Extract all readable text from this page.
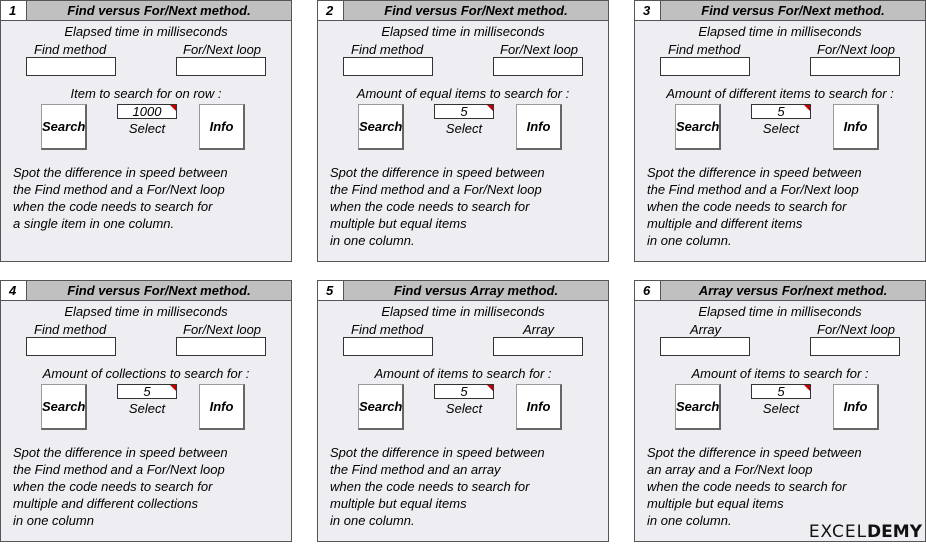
1	Find versus For/Next method.
Elapsed time in milliseconds
Find method	For/Next loop
Item to search for on row :
Search
1000
Select	Info
Spot the difference in speed between
the Find method and a For/Next loop
when the code needs to search for
a single item in one column.
2	Find versus For/Next method.
Elapsed time in milliseconds
Find method	For/Next loop
Amount of equal items to search for :
Search
5
Select	Info
Spot the difference in speed between
the Find method and a For/Next loop
when the code needs to search for
multiple but equal items
in one column.
3	Find versus For/Next method.
Elapsed time in milliseconds
Find method	For/Next loop
Amount of different items to search for :
Search
5
Select	Info
Spot the difference in speed between
the Find method and a For/Next loop
when the code needs to search for
multiple and different items
in one column.
4	Find versus For/Next method.
Elapsed time in milliseconds
Find method	For/Next loop
Amount of collections to search for :
Search
5
Select	Info
Spot the difference in speed between
the Find method and a For/Next loop
when the code needs to search for
multiple and different collections
in one column
5	Find versus Array method.
Elapsed time in milliseconds
Find method	Array
Amount of items to search for :
Search
5
Select	Info
Spot the difference in speed between
the Find method and an array
when the code needs to search for
multiple but equal items
in one column.
6	Array versus For/next method.
Elapsed time in milliseconds
Array	For/Next loop
Amount of items to search for :
Search
5
Select	Info
Spot the difference in speed between
an array and a For/Next loop
when the code needs to search for
multiple but equal items
in one column.
EXCELDEMY
